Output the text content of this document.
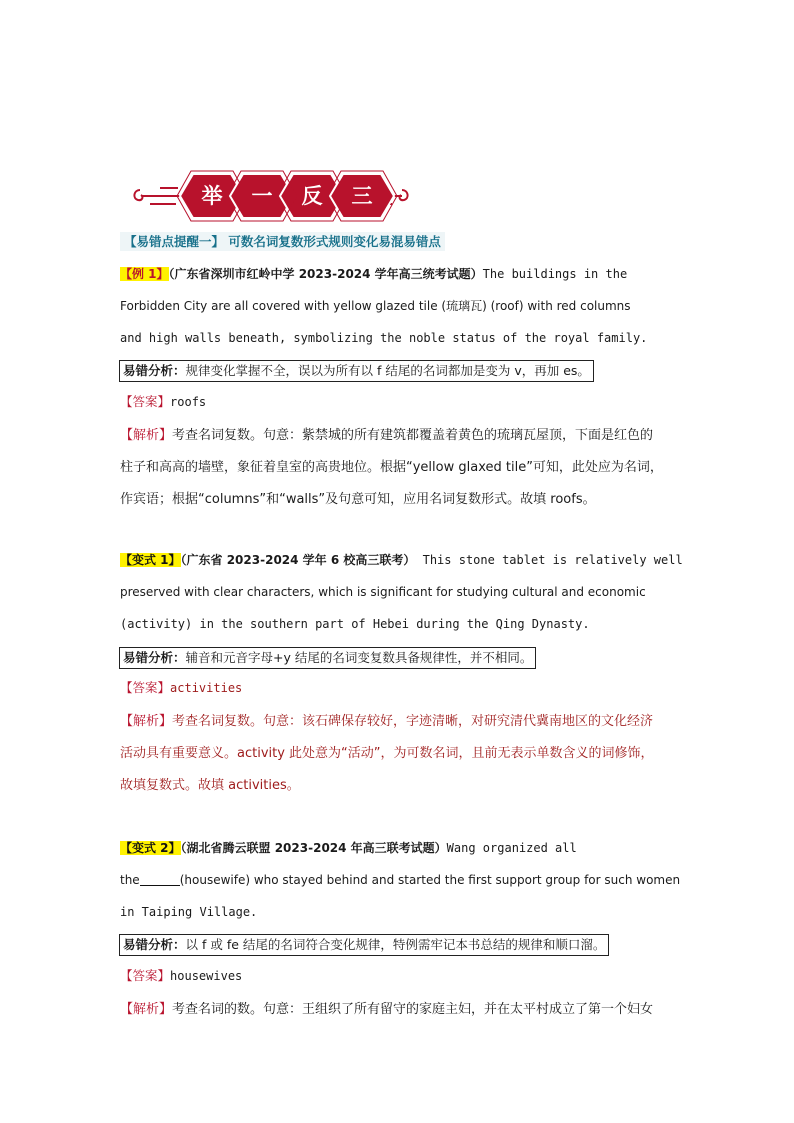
举	一	反	三
【易错点提醒一】 可数名词复数形式规则变化易混易错点
【例 1】（广东省深圳市红岭中学 2023-2024 学年高三统考试题）The buildings in the
Forbidden City are all covered with yellow glazed tile (琉璃瓦) (roof) with red columns
and high walls beneath, symbolizing the noble status of the royal family.
易错分析：规律变化掌握不全，误以为所有以 f 结尾的名词都加是变为 v，再加 es。
【答案】roofs
【解析】考查名词复数。句意：紫禁城的所有建筑都覆盖着黄色的琉璃瓦屋顶，下面是红色的
柱子和高高的墙壁，象征着皇室的高贵地位。根据“yellow glaxed tile”可知，此处应为名词，
作宾语；根据“columns”和“walls”及句意可知，应用名词复数形式。故填 roofs。
【变式 1】（广东省 2023-2024 学年 6 校高三联考） This stone tablet is relatively well
preserved with clear characters, which is significant for studying cultural and economic
(activity) in the southern part of Hebei during the Qing Dynasty.
易错分析：辅音和元音字母+y 结尾的名词变复数具备规律性，并不相同。
【答案】activities
【解析】考查名词复数。句意：该石碑保存较好，字迹清晰，对研究清代冀南地区的文化经济
活动具有重要意义。activity 此处意为“活动”，为可数名词，且前无表示单数含义的词修饰，
故填复数式。故填 activities。
【变式 2】（湖北省腾云联盟 2023-2024 年高三联考试题）Wang organized all
the	(housewife) who stayed behind and started the first support group for such women
in Taiping Village.
易错分析：以 f 或 fe 结尾的名词符合变化规律，特例需牢记本书总结的规律和顺口溜。
【答案】housewives
【解析】考查名词的数。句意：王组织了所有留守的家庭主妇，并在太平村成立了第一个妇女
